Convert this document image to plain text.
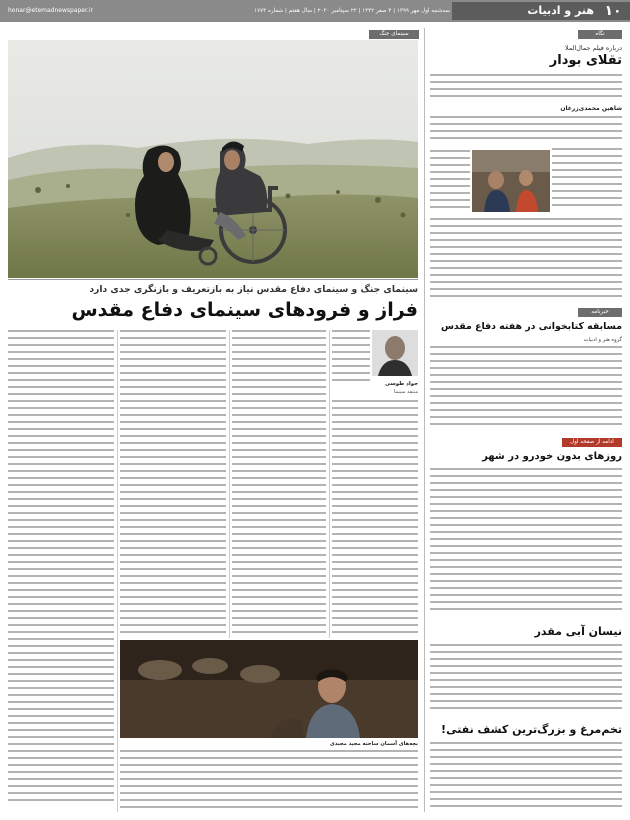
۱۰
هنر و ادبیات
سه‌شنبه اول مهر ۱۳۹۹ | ۴ صفر ۱۴۴۲ | ۲۲ سپتامبر ۲۰۲۰ | سال هفتم | شماره ۱۷۷۴
honar@etemadnewspaper.ir
سینمای جنگ
سینمای جنگ و سینمای دفاع مقدس نیاز به بازتعریف و بازنگری جدی دارد
فراز و فرودهای سینمای دفاع مقدس
جواد طوسی
منتقد سینما
بچه‌های آسمان ساخته مجید مجیدی
نگاه
درباره فیلم جمال‌الملا
تقلای بودار
شاهین محمدی‌زرغان
خبرنامه
مسابقه کتابخوانی در هفته دفاع مقدس
گروه هنر و ادبیات
ادامه از صفحه اول
روزهای بدون خودرو در شهر
نیسان آبی مقدر
تخم‌مرغ و بزرگ‌ترین کشف نفتی!
